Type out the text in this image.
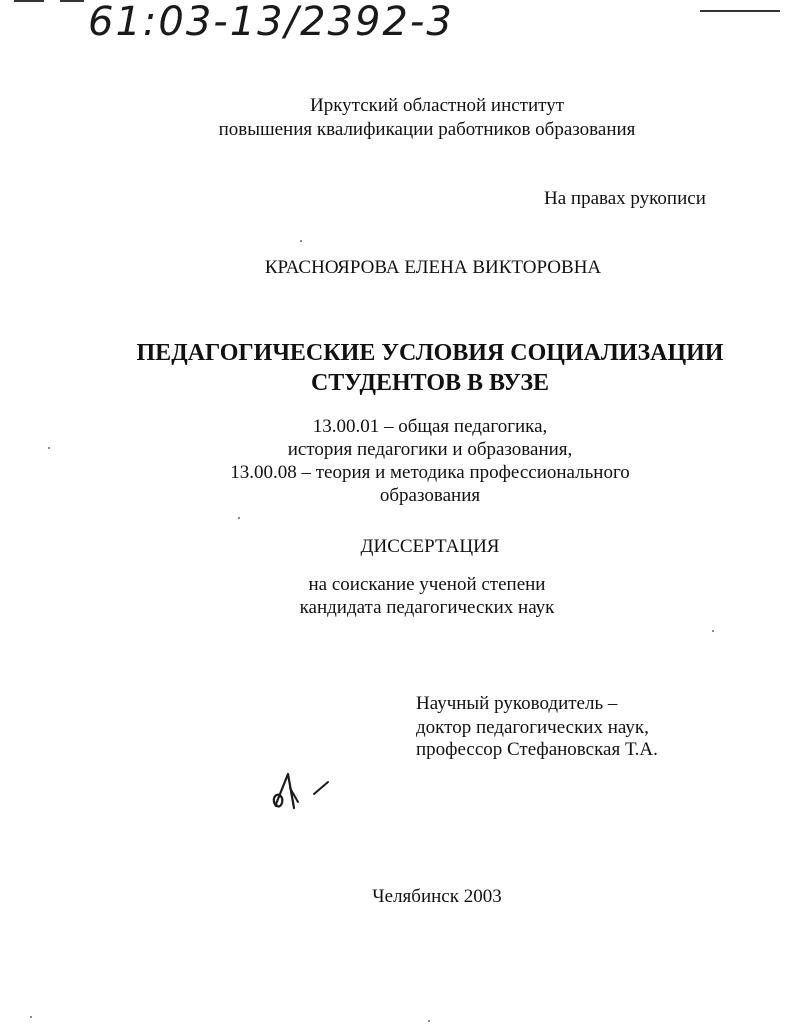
61:03-13/2392-3
Иркутский областной институт
повышения квалификации работников образования
На правах рукописи
КРАСНОЯРОВА ЕЛЕНА ВИКТОРОВНА
ПЕДАГОГИЧЕСКИЕ УСЛОВИЯ СОЦИАЛИЗАЦИИ
СТУДЕНТОВ В ВУЗЕ
13.00.01 – общая педагогика,
история педагогики и образования,
13.00.08 – теория и методика профессионального
образования
ДИССЕРТАЦИЯ
на соискание ученой степени
кандидата педагогических наук
Научный руководитель –
доктор педагогических наук,
профессор Стефановская Т.А.
Челябинск 2003
